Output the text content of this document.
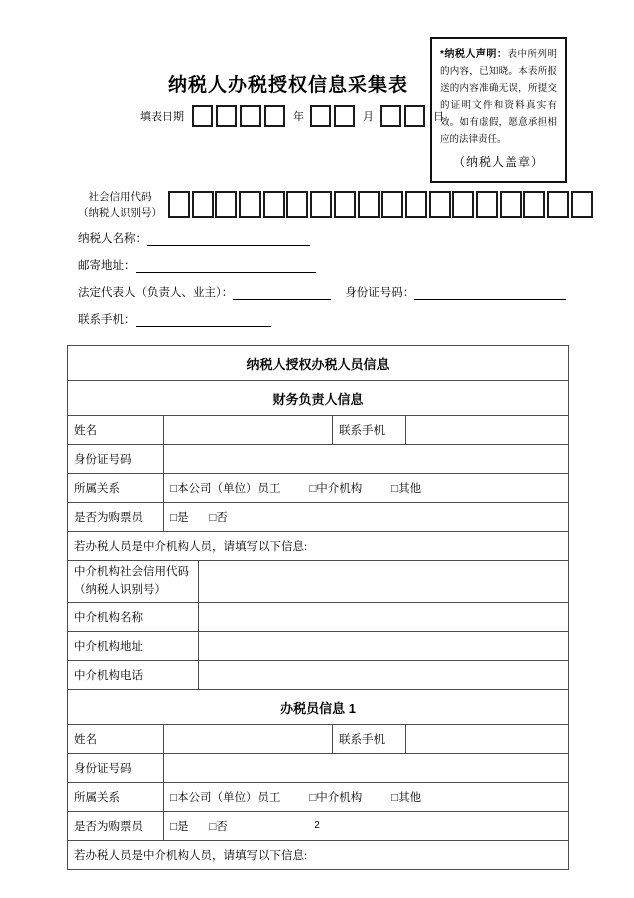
*纳税人声明：表中所列明的内容，已知晓。本表所报送的内容准确无误，所提交的证明文件和资料真实有效。如有虚假，愿意承担相应的法律责任。
（纳税人盖章）
纳税人办税授权信息采集表
填表日期	年	月	日
社会信用代码
（纳税人识别号）
纳税人名称：
邮寄地址：
法定代表人（负责人、业主）：	身份证号码：
联系手机：
纳税人授权办税人员信息				
财务负责人信息				
姓名			联系手机	
身份证号码				
所属关系	□本公司（单位）员工 □中介机构 □其他			
是否为购票员	□是 □否			
若办税人员是中介机构人员，请填写以下信息:				
中介机构社会信用代码（纳税人识别号）				
中介机构名称				
中介机构地址				
中介机构电话				
办税员信息 1				
姓名			联系手机	
身份证号码				
所属关系	□本公司（单位）员工 □中介机构 □其他			
是否为购票员	□是 □否			
若办税人员是中介机构人员，请填写以下信息:				
2
